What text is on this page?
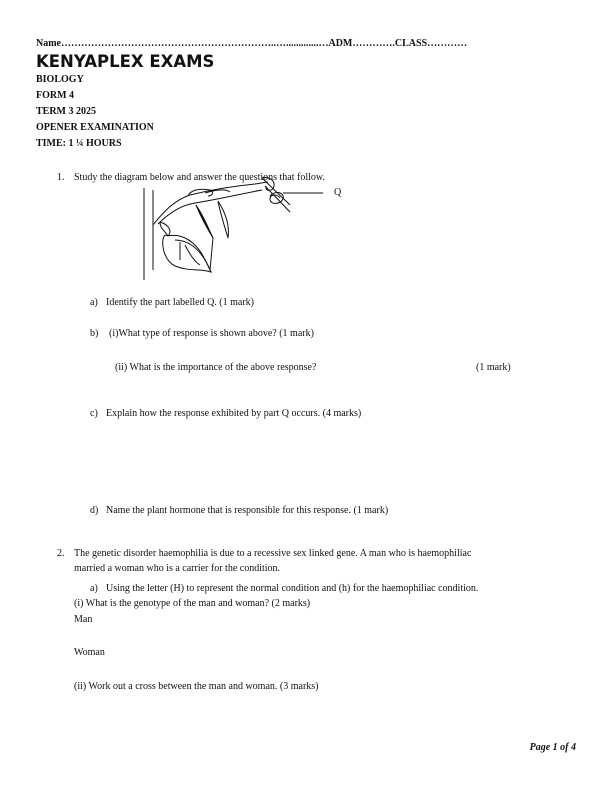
Name………………………………………………………..….............…ADM………….CLASS…………
KENYAPLEX EXAMS
BIOLOGY
FORM 4
TERM 3 2025
OPENER EXAMINATION
TIME: 1 ¼ HOURS
1. Study the diagram below and answer the questions that follow.
Q
a) Identify the part labelled Q. (1 mark)
b) (i)What type of response is shown above? (1 mark)
(ii) What is the importance of the above response?	(1 mark)
c) Explain how the response exhibited by part Q occurs. (4 marks)
d) Name the plant hormone that is responsible for this response. (1 mark)
2. The genetic disorder haemophilia is due to a recessive sex linked gene. A man who is haemophiliac
married a woman who is a carrier for the condition.
a) Using the letter (H) to represent the normal condition and (h) for the haemophiliac condition.
(i) What is the genotype of the man and woman? (2 marks)
Man
Woman
(ii) Work out a cross between the man and woman. (3 marks)
Page 1 of 4
